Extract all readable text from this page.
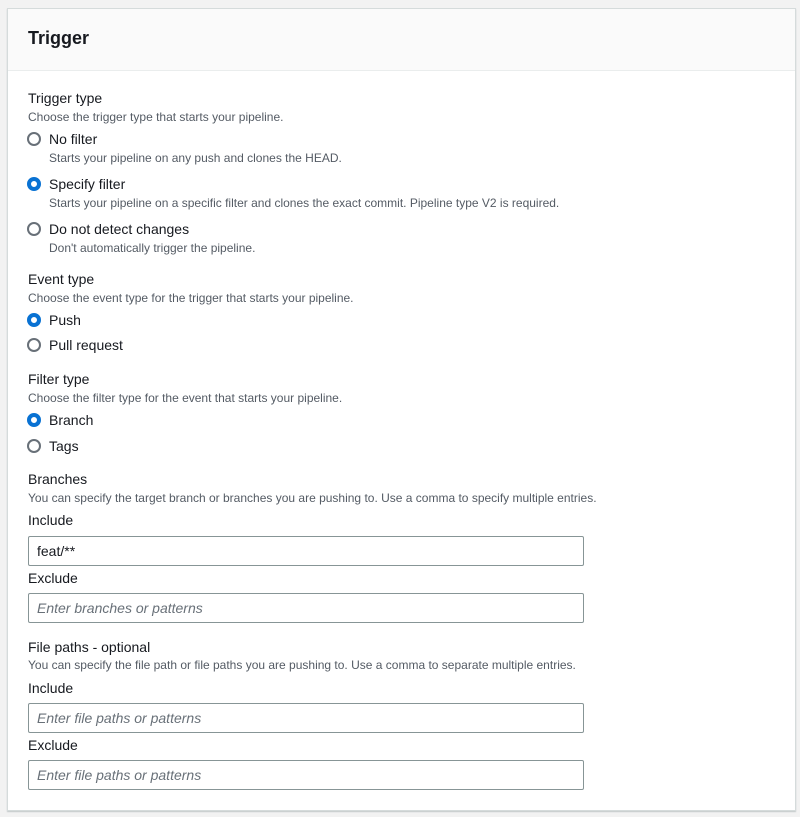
Trigger
Trigger type
Choose the trigger type that starts your pipeline.
No filter
Starts your pipeline on any push and clones the HEAD.
Specify filter
Starts your pipeline on a specific filter and clones the exact commit. Pipeline type V2 is required.
Do not detect changes
Don't automatically trigger the pipeline.
Event type
Choose the event type for the trigger that starts your pipeline.
Push
Pull request
Filter type
Choose the filter type for the event that starts your pipeline.
Branch
Tags
Branches
You can specify the target branch or branches you are pushing to. Use a comma to specify multiple entries.
Include
feat/**
Exclude
Enter branches or patterns
File paths - optional
You can specify the file path or file paths you are pushing to. Use a comma to separate multiple entries.
Include
Enter file paths or patterns
Exclude
Enter file paths or patterns
